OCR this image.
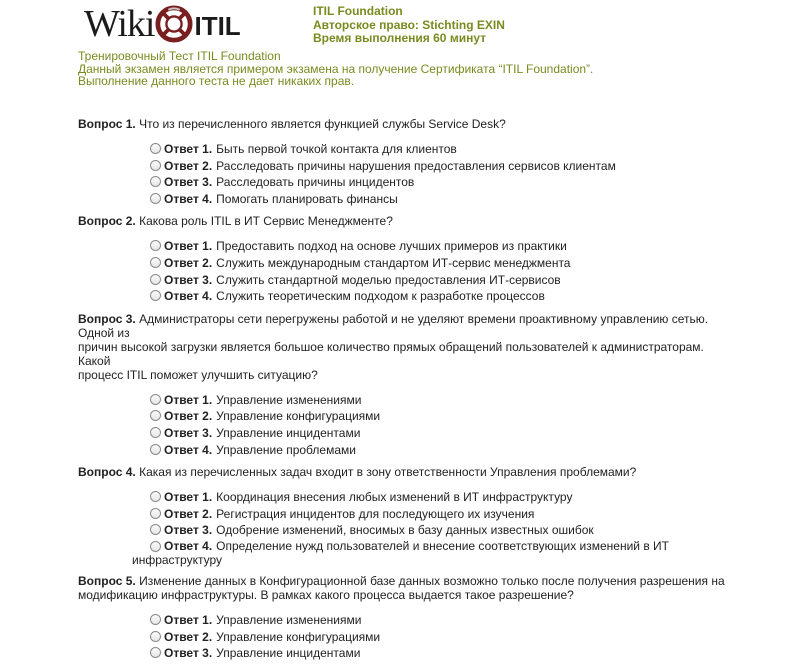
Wiki ITIL	ITIL Foundation
Авторское право: Stichting EXIN
Время выполнения 60 минут
Тренировочный Тест ITIL Foundation
Данный экзамен является примером экзамена на получение Сертификата “ITIL Foundation”.
Выполнение данного теста не дает никаких прав.
Вопрос 1. Что из перечисленного является функцией службы Service Desk?
Ответ 1. Быть первой точкой контакта для клиентов
Ответ 2. Расследовать причины нарушения предоставления сервисов клиентам
Ответ 3. Расследовать причины инцидентов
Ответ 4. Помогать планировать финансы
Вопрос 2. Какова роль ITIL в ИТ Сервис Менеджменте?
Ответ 1. Предоставить подход на основе лучших примеров из практики
Ответ 2. Служить международным стандартом ИТ-сервис менеджмента
Ответ 3. Служить стандартной моделью предоставления ИТ-сервисов
Ответ 4. Служить теоретическим подходом к разработке процессов
Вопрос 3. Администраторы сети перегружены работой и не уделяют времени проактивному управлению сетью. Одной из
причин высокой загрузки является большое количество прямых обращений пользователей к администраторам. Какой
процесс ITIL поможет улучшить ситуацию?
Ответ 1. Управление изменениями
Ответ 2. Управление конфигурациями
Ответ 3. Управление инцидентами
Ответ 4. Управление проблемами
Вопрос 4. Какая из перечисленных задач входит в зону ответственности Управления проблемами?
Ответ 1. Координация внесения любых изменений в ИТ инфраструктуру
Ответ 2. Регистрация инцидентов для последующего их изучения
Ответ 3. Одобрение изменений, вносимых в базу данных известных ошибок
Ответ 4. Определение нужд пользователей и внесение соответствующих изменений в ИТ
инфраструктуру
Вопрос 5. Изменение данных в Конфигурационной базе данных возможно только после получения разрешения на
модификацию инфраструктуры. В рамках какого процесса выдается такое разрешение?
Ответ 1. Управление изменениями
Ответ 2. Управление конфигурациями
Ответ 3. Управление инцидентами
